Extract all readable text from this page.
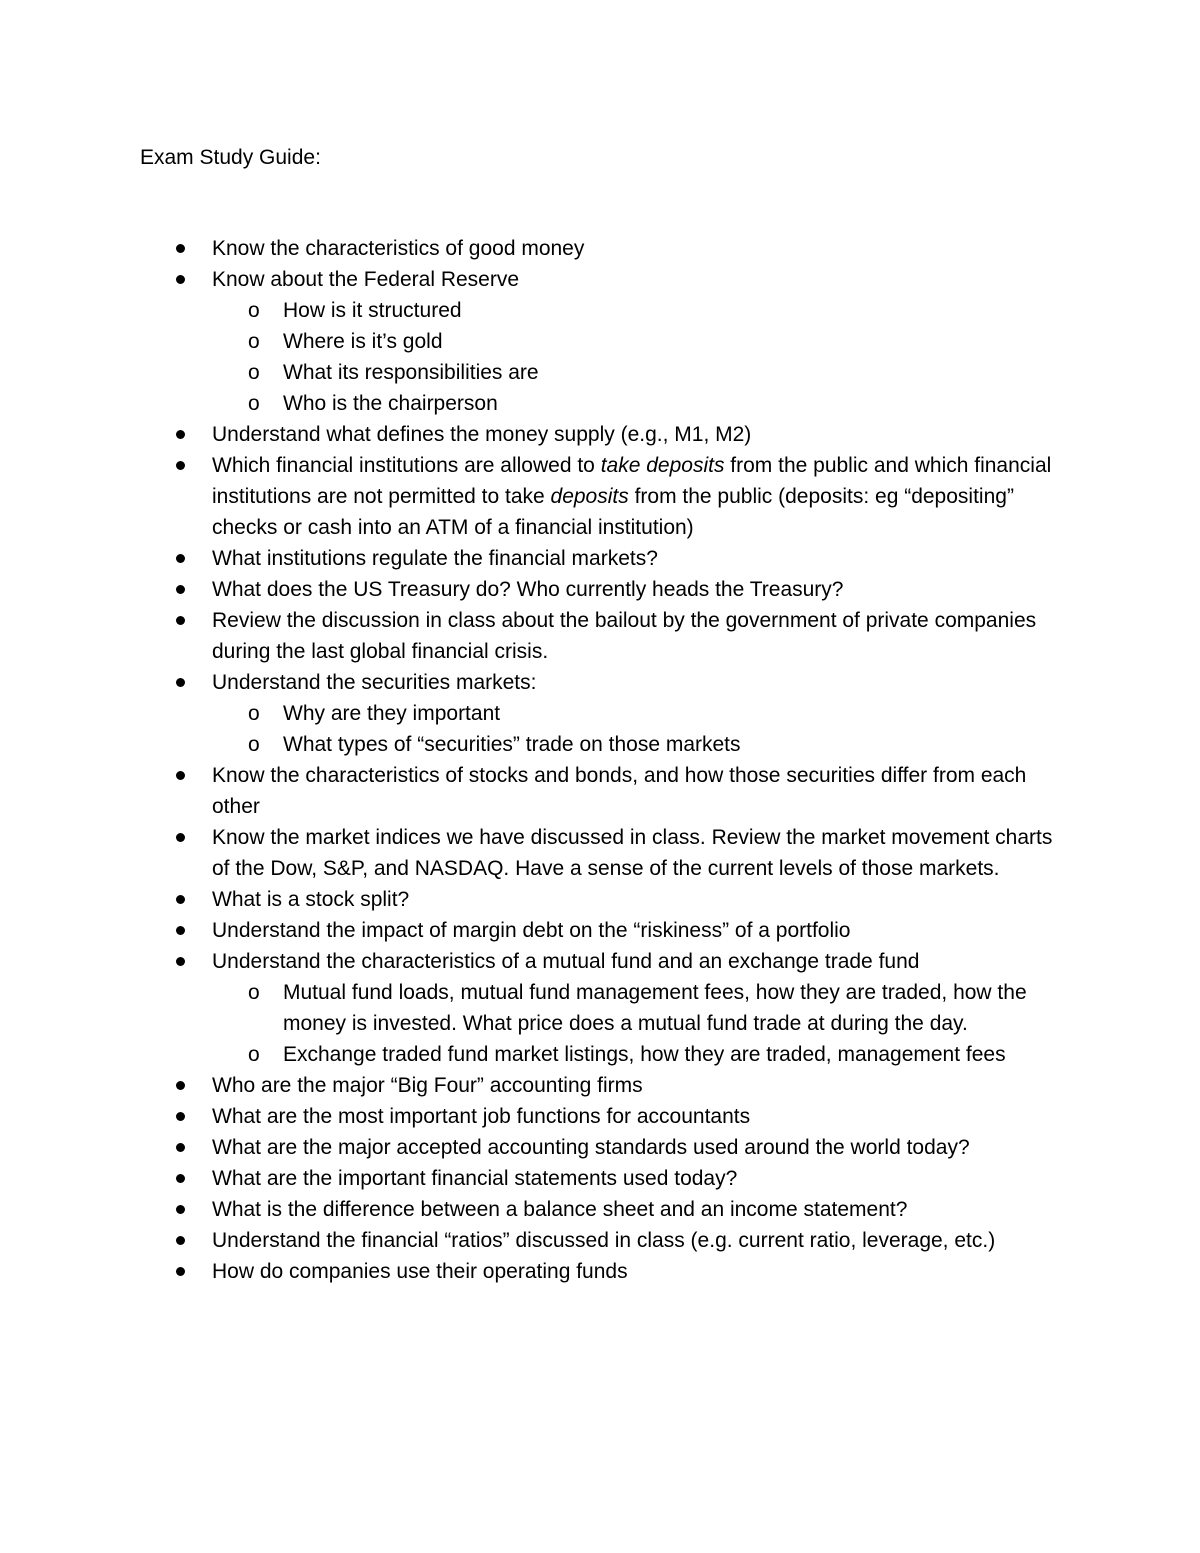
Exam Study Guide:
Know the characteristics of good money
Know about the Federal Reserve
o How is it structured
o Where is it’s gold
o What its responsibilities are
o Who is the chairperson
Understand what defines the money supply (e.g., M1, M2)
Which financial institutions are allowed to take deposits from the public and which financial institutions are not permitted to take deposits from the public (deposits: eg “depositing” checks or cash into an ATM of a financial institution)
What institutions regulate the financial markets?
What does the US Treasury do? Who currently heads the Treasury?
Review the discussion in class about the bailout by the government of private companies during the last global financial crisis.
Understand the securities markets:
o Why are they important
o What types of “securities” trade on those markets
Know the characteristics of stocks and bonds, and how those securities differ from each other
Know the market indices we have discussed in class. Review the market movement charts of the Dow, S&P, and NASDAQ. Have a sense of the current levels of those markets.
What is a stock split?
Understand the impact of margin debt on the “riskiness” of a portfolio
Understand the characteristics of a mutual fund and an exchange trade fund
o Mutual fund loads, mutual fund management fees, how they are traded, how the money is invested. What price does a mutual fund trade at during the day.
o Exchange traded fund market listings, how they are traded, management fees
Who are the major “Big Four” accounting firms
What are the most important job functions for accountants
What are the major accepted accounting standards used around the world today?
What are the important financial statements used today?
What is the difference between a balance sheet and an income statement?
Understand the financial “ratios” discussed in class (e.g. current ratio, leverage, etc.)
How do companies use their operating funds
